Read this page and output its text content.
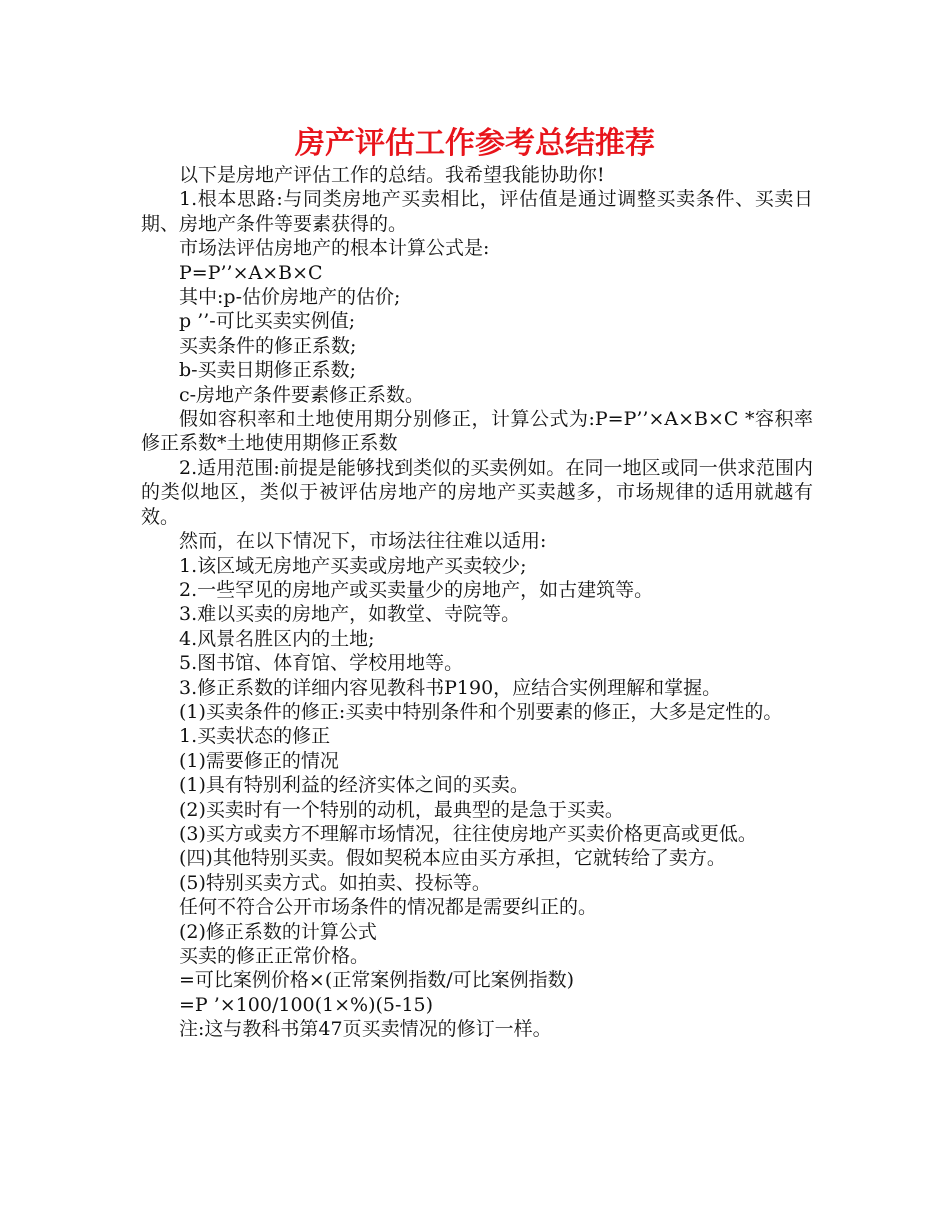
房产评估工作参考总结推荐

以下是房地产评估工作的总结。我希望我能协助你!

1.根本思路:与同类房地产买卖相比，评估值是通过调整买卖条件、买卖日期、房地产条件等要素获得的。

市场法评估房地产的根本计算公式是:

P=P’’×A×B×C

其中:p-估价房地产的估价;

p ’’-可比买卖实例值;

买卖条件的修正系数;

b-买卖日期修正系数;

c-房地产条件要素修正系数。

假如容积率和土地使用期分别修正，计算公式为:P=P’’×A×B×C *容积率修正系数*土地使用期修正系数

2.适用范围:前提是能够找到类似的买卖例如。在同一地区或同一供求范围内的类似地区，类似于被评估房地产的房地产买卖越多，市场规律的适用就越有效。

然而，在以下情况下，市场法往往难以适用:

1.该区域无房地产买卖或房地产买卖较少;

2.一些罕见的房地产或买卖量少的房地产，如古建筑等。

3.难以买卖的房地产，如教堂、寺院等。

4.风景名胜区内的土地;

5.图书馆、体育馆、学校用地等。

3.修正系数的详细内容见教科书P190，应结合实例理解和掌握。

(1)买卖条件的修正:买卖中特别条件和个别要素的修正，大多是定性的。

1.买卖状态的修正

(1)需要修正的情况

(1)具有特别利益的经济实体之间的买卖。

(2)买卖时有一个特别的动机，最典型的是急于买卖。

(3)买方或卖方不理解市场情况，往往使房地产买卖价格更高或更低。

(四)其他特别买卖。假如契税本应由买方承担，它就转给了卖方。

(5)特别买卖方式。如拍卖、投标等。

任何不符合公开市场条件的情况都是需要纠正的。

(2)修正系数的计算公式

买卖的修正正常价格。

=可比案例价格×(正常案例指数/可比案例指数)

=P ’×100/100(1×%)(5-15)

注:这与教科书第47页买卖情况的修订一样。
